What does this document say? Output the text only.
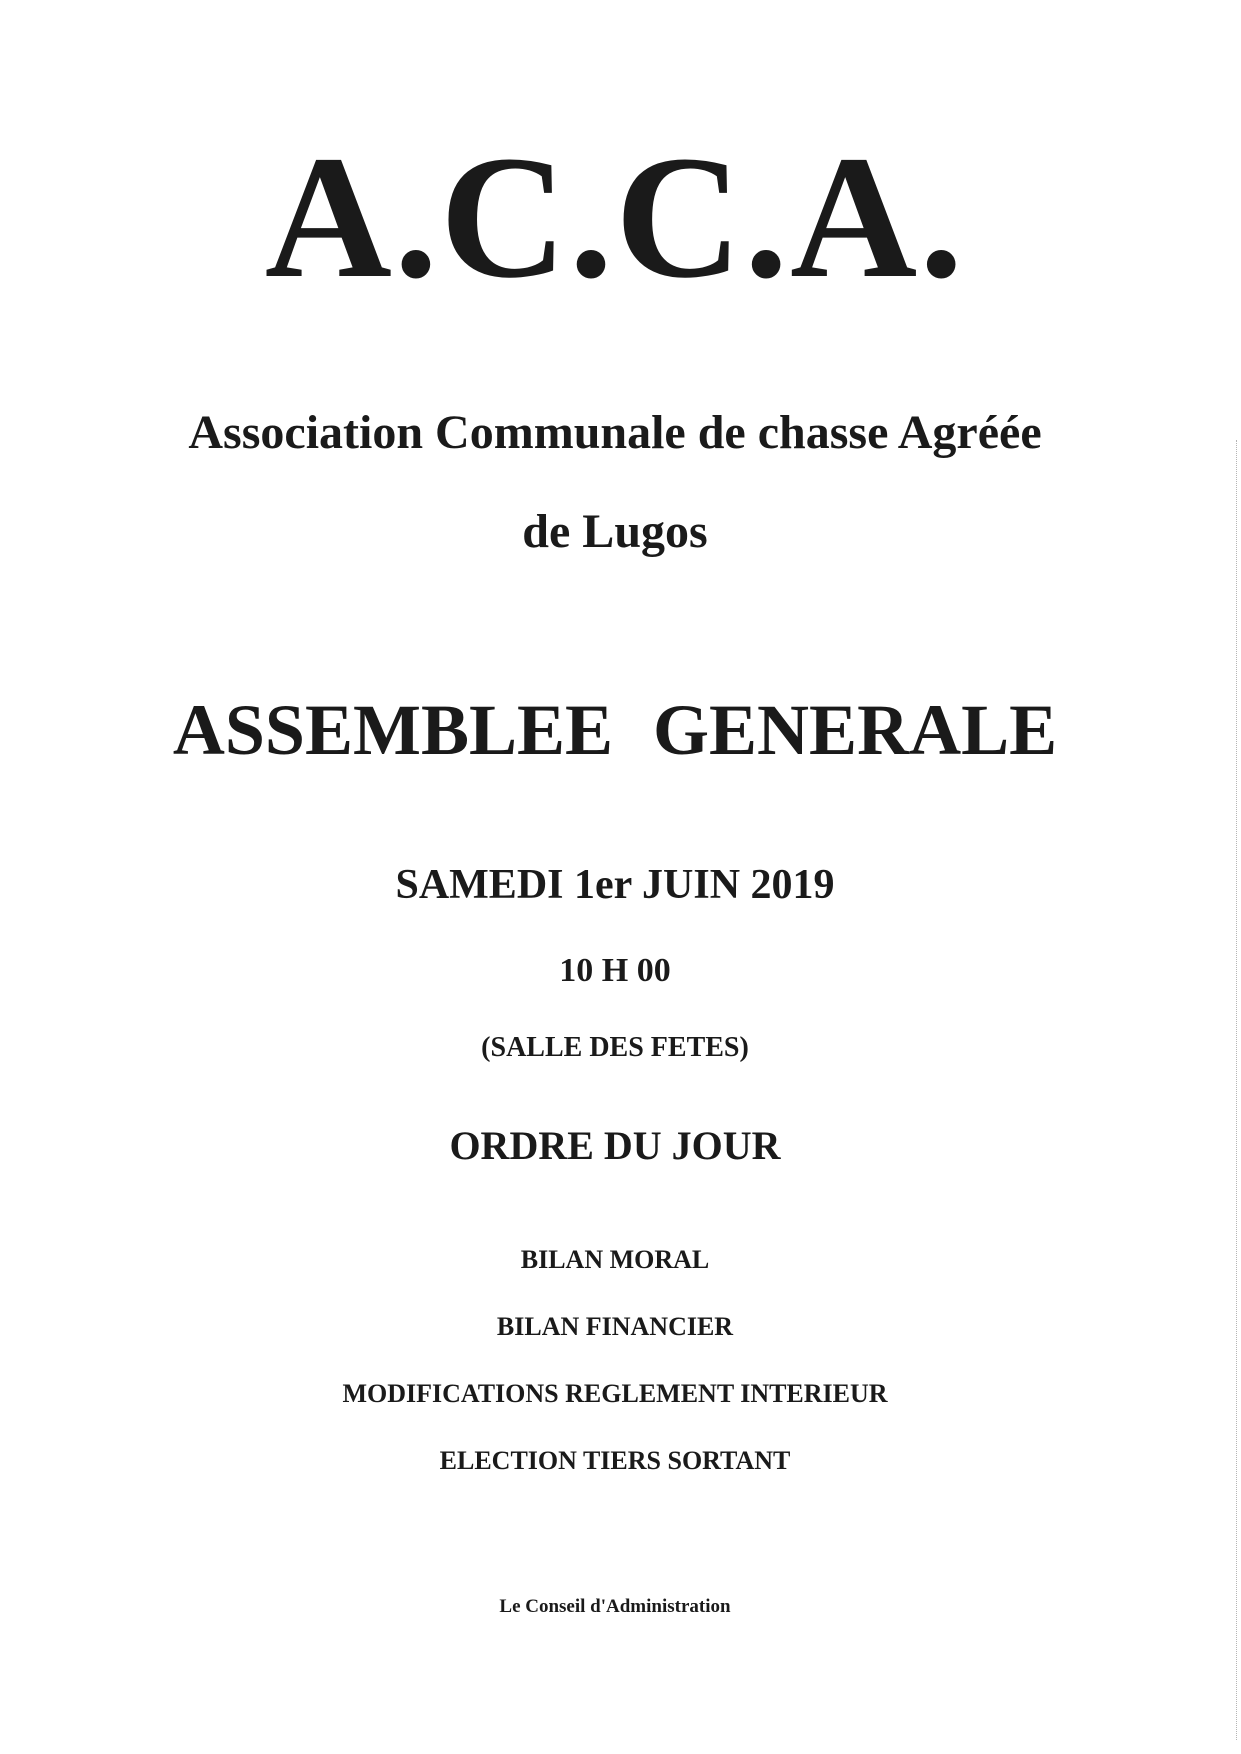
A.C.C.A.
Association Communale de chasse Agréée
de Lugos
ASSEMBLEE GENERALE
SAMEDI 1er JUIN 2019
10 H 00
(SALLE DES FETES)
ORDRE DU JOUR
BILAN MORAL
BILAN FINANCIER
MODIFICATIONS REGLEMENT INTERIEUR
ELECTION TIERS SORTANT
Le Conseil d'Administration
